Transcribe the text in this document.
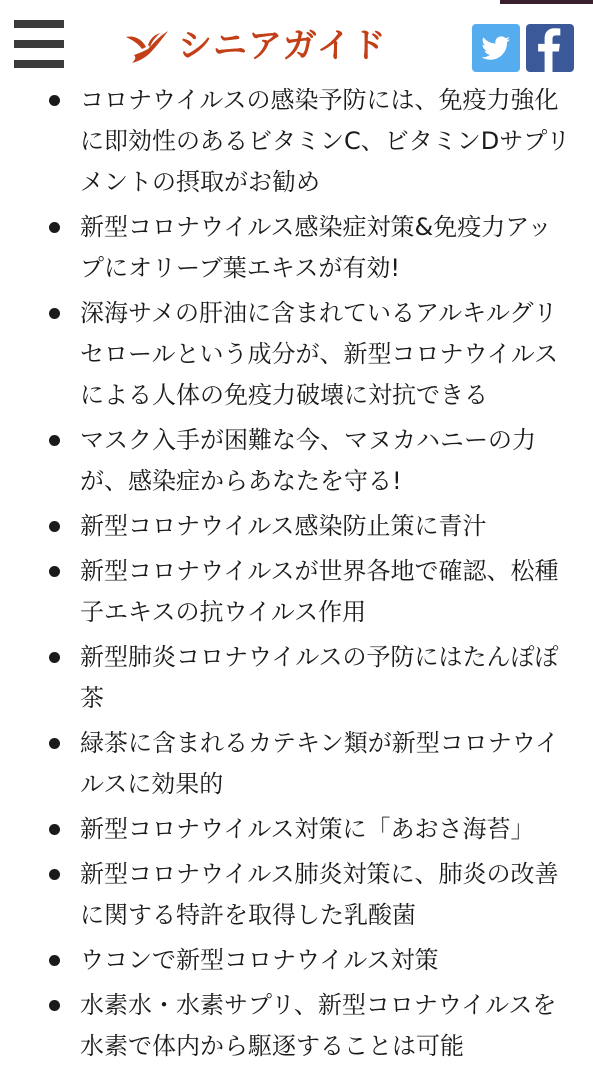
シニアガイド
コロナウイルスの感染予防には、免疫力強化に即効性のあるビタミンC、ビタミンDサプリメントの摂取がお勧め
新型コロナウイルス感染症対策&免疫力アップにオリーブ葉エキスが有効!
深海サメの肝油に含まれているアルキルグリセロールという成分が、新型コロナウイルスによる人体の免疫力破壊に対抗できる
マスク入手が困難な今、マヌカハニーの力が、感染症からあなたを守る!
新型コロナウイルス感染防止策に青汁
新型コロナウイルスが世界各地で確認、松種子エキスの抗ウイルス作用
新型肺炎コロナウイルスの予防にはたんぽぽ茶
緑茶に含まれるカテキン類が新型コロナウイルスに効果的
新型コロナウイルス対策に「あおさ海苔」
新型コロナウイルス肺炎対策に、肺炎の改善に関する特許を取得した乳酸菌
ウコンで新型コロナウイルス対策
水素水・水素サプリ、新型コロナウイルスを水素で体内から駆逐することは可能
